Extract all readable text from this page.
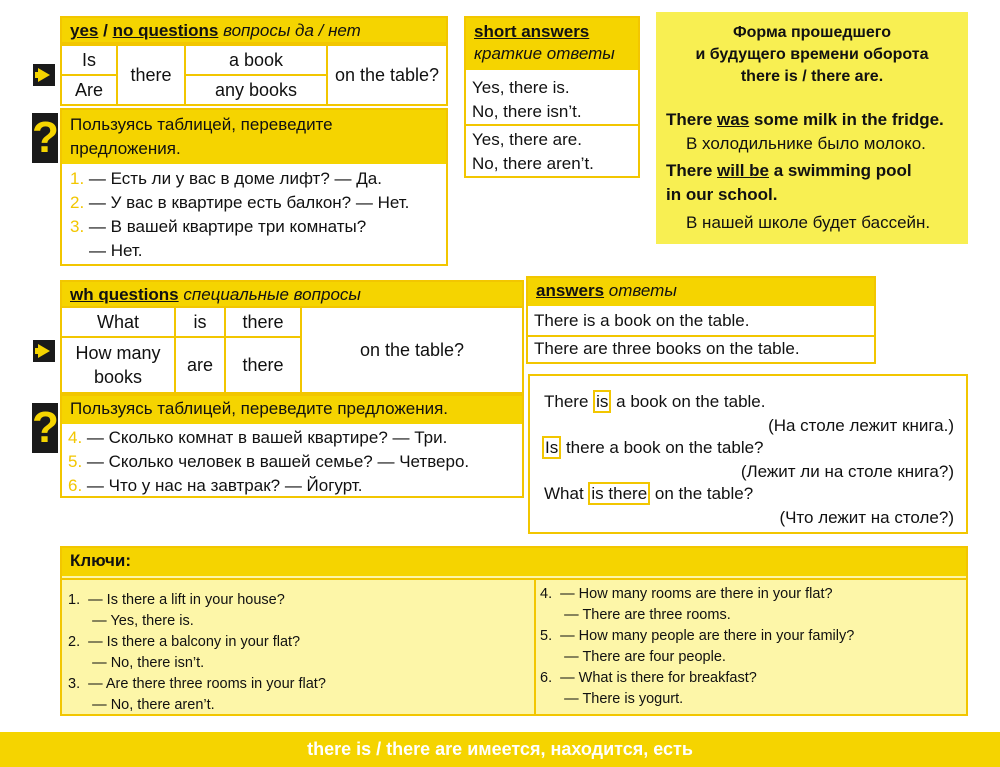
yes / no questions вопросы да / нет
Is	there	a book	on the table?
Are		any books	
? Пользуясь таблицей, переведите предложения.
1. — Есть ли у вас в доме лифт? — Да.
2. — У вас в квартире есть балкон? — Нет.
3. — В вашей квартире три комнаты?
— Нет.
short answers
краткие ответы
Yes, there is.
No, there isn’t.
Yes, there are.
No, there aren’t.
Форма прошедшего
и будущего времени оборота
there is / there are.
There was some milk in the fridge.
В холодильнике было молоко.
There will be a swimming pool
in our school.
В нашей школе будет бассейн.
wh questions специальные вопросы
What	is	there	on the table?
How many books	are	there	
? Пользуясь таблицей, переведите предложения.
4. — Сколько комнат в вашей квартире? — Три.
5. — Сколько человек в вашей семье? — Четверо.
6. — Что у нас на завтрак? — Йогурт.
answers ответы
There is a book on the table.
There are three books on the table.
There is a book on the table.
(На столе лежит книга.)
Is there a book on the table?
(Лежит ли на столе книга?)
What is there on the table?
(Что лежит на столе?)
Ключи:
1.  — Is there a lift in your house?
— Yes, there is.
2.  — Is there a balcony in your flat?
— No, there isn’t.
3.  — Are there three rooms in your flat?
— No, there aren’t.
4.  — How many rooms are there in your flat?
— There are three rooms.
5.  — How many people are there in your family?
— There are four people.
6.  — What is there for breakfast?
— There is yogurt.
there is / there are имеется, находится, есть
